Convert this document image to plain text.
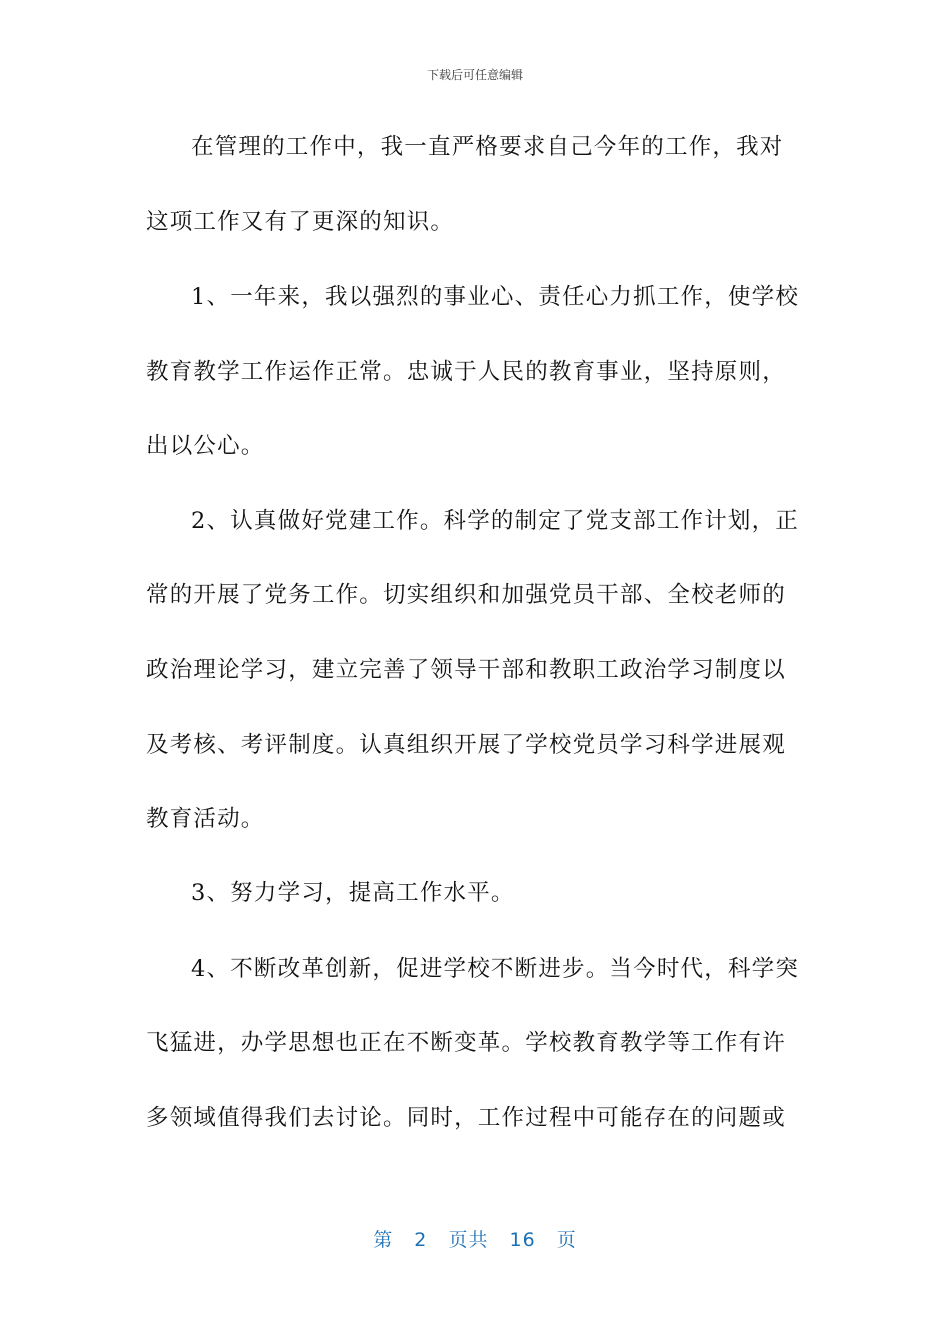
下载后可任意编辑
在管理的工作中，我一直严格要求自己今年的工作，我对
这项工作又有了更深的知识。
1、一年来，我以强烈的事业心、责任心力抓工作，使学校
教育教学工作运作正常。忠诚于人民的教育事业，坚持原则，
出以公心。
2、认真做好党建工作。科学的制定了党支部工作计划，正
常的开展了党务工作。切实组织和加强党员干部、全校老师的
政治理论学习，建立完善了领导干部和教职工政治学习制度以
及考核、考评制度。认真组织开展了学校党员学习科学进展观
教育活动。
3、努力学习，提高工作水平。
4、不断改革创新，促进学校不断进步。当今时代，科学突
飞猛进，办学思想也正在不断变革。学校教育教学等工作有许
多领域值得我们去讨论。同时，工作过程中可能存在的问题或
第 2 页共 16 页
